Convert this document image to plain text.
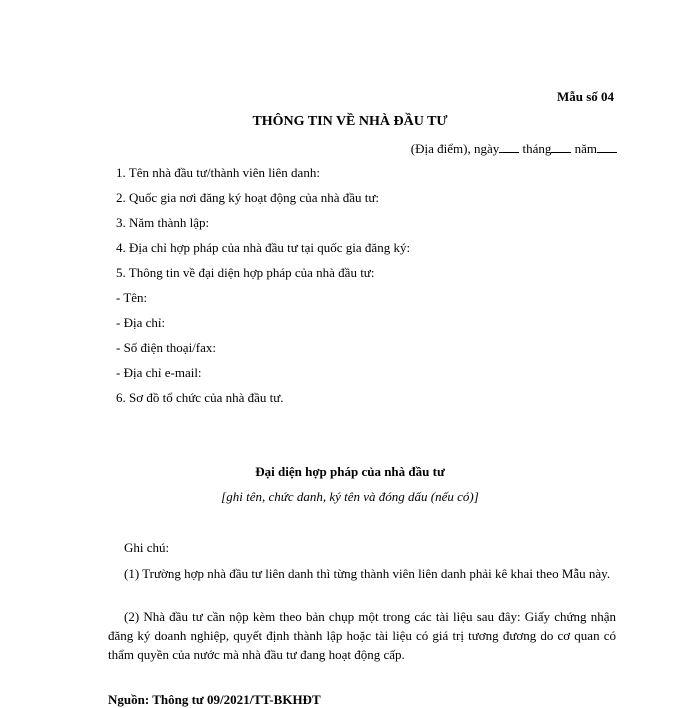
Mẫu số 04
THÔNG TIN VỀ NHÀ ĐẦU TƯ
(Địa điểm), ngày tháng năm
1. Tên nhà đầu tư/thành viên liên danh:
2. Quốc gia nơi đăng ký hoạt động của nhà đầu tư:
3. Năm thành lập:
4. Địa chỉ hợp pháp của nhà đầu tư tại quốc gia đăng ký:
5. Thông tin về đại diện hợp pháp của nhà đầu tư:
- Tên:
- Địa chỉ:
- Số điện thoại/fax:
- Địa chỉ e-mail:
6. Sơ đồ tổ chức của nhà đầu tư.
Đại diện hợp pháp của nhà đầu tư
[ghi tên, chức danh, ký tên và đóng dấu (nếu có)]
Ghi chú:
(1) Trường hợp nhà đầu tư liên danh thì từng thành viên liên danh phải kê khai theo Mẫu này.
(2) Nhà đầu tư cần nộp kèm theo bản chụp một trong các tài liệu sau đây: Giấy chứng nhận đăng ký doanh nghiệp, quyết định thành lập hoặc tài liệu có giá trị tương đương do cơ quan có thẩm quyền của nước mà nhà đầu tư đang hoạt động cấp.
Nguồn: Thông tư 09/2021/TT-BKHĐT
